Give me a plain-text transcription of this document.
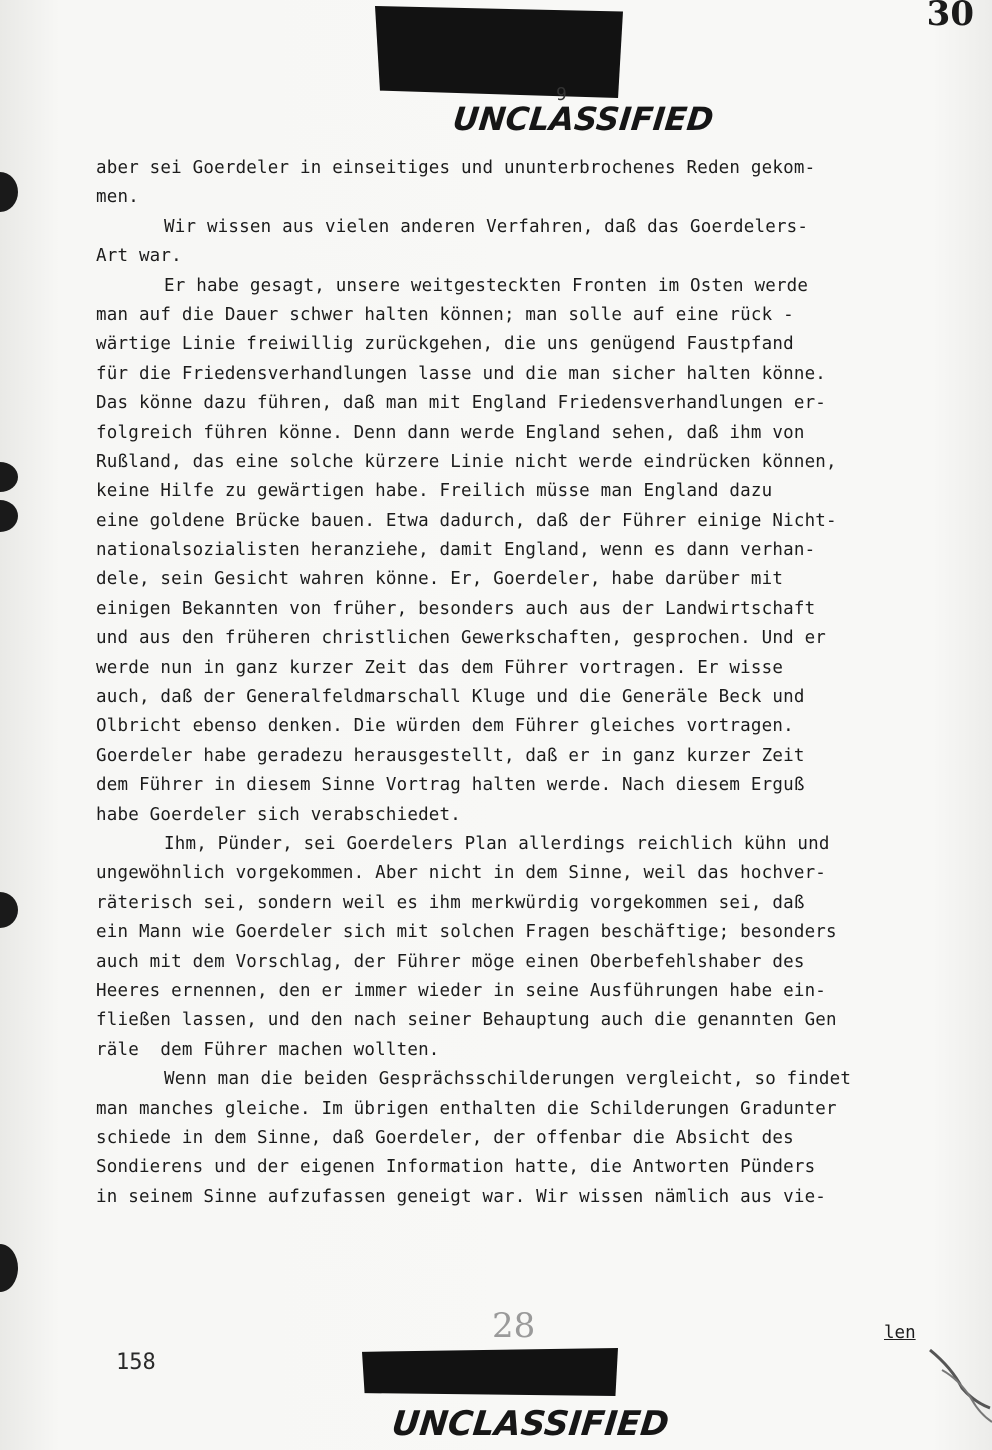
30
UNCLASSIFIED
9
aber sei Goerdeler in einseitiges und ununterbrochenes Reden gekom-
men.
Wir wissen aus vielen anderen Verfahren, daß das Goerdelers-
Art war.
Er habe gesagt, unsere weitgesteckten Fronten im Osten werde
man auf die Dauer schwer halten können; man solle auf eine rück -
wärtige Linie freiwillig zurückgehen, die uns genügend Faustpfand
für die Friedensverhandlungen lasse und die man sicher halten könne.
Das könne dazu führen, daß man mit England Friedensverhandlungen er-
folgreich führen könne. Denn dann werde England sehen, daß ihm von
Rußland, das eine solche kürzere Linie nicht werde eindrücken können,
keine Hilfe zu gewärtigen habe. Freilich müsse man England dazu
eine goldene Brücke bauen. Etwa dadurch, daß der Führer einige Nicht-
nationalsozialisten heranziehe, damit England, wenn es dann verhan-
dele, sein Gesicht wahren könne. Er, Goerdeler, habe darüber mit
einigen Bekannten von früher, besonders auch aus der Landwirtschaft
und aus den früheren christlichen Gewerkschaften, gesprochen. Und er
werde nun in ganz kurzer Zeit das dem Führer vortragen. Er wisse
auch, daß der Generalfeldmarschall Kluge und die Generäle Beck und
Olbricht ebenso denken. Die würden dem Führer gleiches vortragen.
Goerdeler habe geradezu herausgestellt, daß er in ganz kurzer Zeit
dem Führer in diesem Sinne Vortrag halten werde. Nach diesem Erguß
habe Goerdeler sich verabschiedet.
Ihm, Pünder, sei Goerdelers Plan allerdings reichlich kühn und
ungewöhnlich vorgekommen. Aber nicht in dem Sinne, weil das hochver-
räterisch sei, sondern weil es ihm merkwürdig vorgekommen sei, daß
ein Mann wie Goerdeler sich mit solchen Fragen beschäftige; besonders
auch mit dem Vorschlag, der Führer möge einen Oberbefehlshaber des
Heeres ernennen, den er immer wieder in seine Ausführungen habe ein-
fließen lassen, und den nach seiner Behauptung auch die genannten Gen
räle  dem Führer machen wollten.
Wenn man die beiden Gesprächsschilderungen vergleicht, so findet
man manches gleiche. Im übrigen enthalten die Schilderungen Gradunter
schiede in dem Sinne, daß Goerdeler, der offenbar die Absicht des
Sondierens und der eigenen Information hatte, die Antworten Pünders
in seinem Sinne aufzufassen geneigt war. Wir wissen nämlich aus vie-
len
28
158
UNCLASSIFIED
